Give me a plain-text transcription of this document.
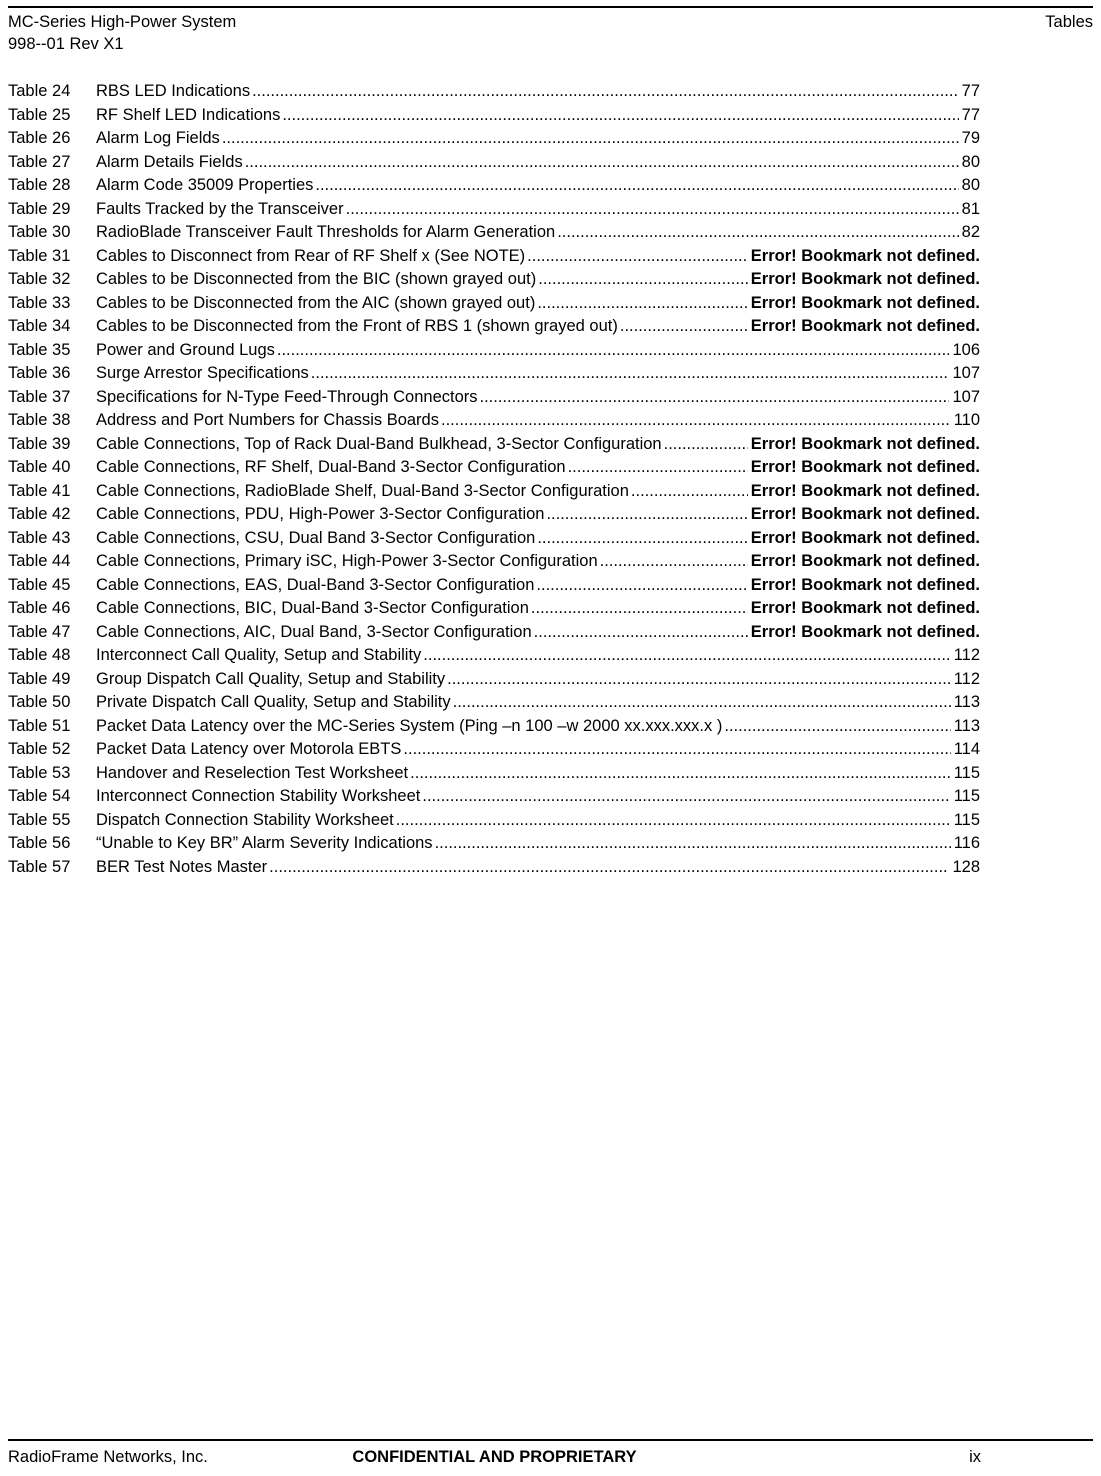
MC-Series High-Power System	Tables
998--01 Rev X1
Table 24	RBS LED Indications .....	77
Table 25	RF Shelf LED Indications .....	77
Table 26	Alarm Log Fields .....	79
Table 27	Alarm Details Fields .....	80
Table 28	Alarm Code 35009 Properties .....	80
Table 29	Faults Tracked by the Transceiver .....	81
Table 30	RadioBlade Transceiver Fault Thresholds for Alarm Generation .....	82
Table 31	Cables to Disconnect from Rear of RF Shelf x (See NOTE) .....	Error! Bookmark not defined.
Table 32	Cables to be Disconnected from the BIC (shown grayed out) .....	Error! Bookmark not defined.
Table 33	Cables to be Disconnected from the AIC (shown grayed out) .....	Error! Bookmark not defined.
Table 34	Cables to be Disconnected from the Front of RBS 1 (shown grayed out) .....	Error! Bookmark not defined.
Table 35	Power and Ground Lugs .....	106
Table 36	Surge Arrestor Specifications .....	107
Table 37	Specifications for N-Type Feed-Through Connectors .....	107
Table 38	Address and Port Numbers for Chassis Boards .....	110
Table 39	Cable Connections, Top of Rack Dual-Band Bulkhead, 3-Sector Configuration .....	Error! Bookmark not defined.
Table 40	Cable Connections, RF Shelf, Dual-Band 3-Sector Configuration .....	Error! Bookmark not defined.
Table 41	Cable Connections, RadioBlade Shelf, Dual-Band 3-Sector Configuration .....	Error! Bookmark not defined.
Table 42	Cable Connections, PDU, High-Power 3-Sector Configuration .....	Error! Bookmark not defined.
Table 43	Cable Connections, CSU, Dual Band 3-Sector Configuration .....	Error! Bookmark not defined.
Table 44	Cable Connections, Primary iSC, High-Power 3-Sector Configuration .....	Error! Bookmark not defined.
Table 45	Cable Connections, EAS, Dual-Band 3-Sector Configuration .....	Error! Bookmark not defined.
Table 46	Cable Connections, BIC, Dual-Band 3-Sector Configuration .....	Error! Bookmark not defined.
Table 47	Cable Connections, AIC, Dual Band, 3-Sector Configuration .....	Error! Bookmark not defined.
Table 48	Interconnect Call Quality, Setup and Stability .....	112
Table 49	Group Dispatch Call Quality, Setup and Stability .....	112
Table 50	Private Dispatch Call Quality, Setup and Stability .....	113
Table 51	Packet Data Latency over the MC-Series System (Ping –n 100 –w 2000 xx.xxx.xxx.x ) .....	113
Table 52	Packet Data Latency over Motorola EBTS .....	114
Table 53	Handover and Reselection Test Worksheet .....	115
Table 54	Interconnect Connection Stability Worksheet .....	115
Table 55	Dispatch Connection Stability Worksheet .....	115
Table 56	“Unable to Key BR” Alarm Severity Indications .....	116
Table 57	BER Test Notes Master .....	128
RadioFrame Networks, Inc.	CONFIDENTIAL AND PROPRIETARY	ix
